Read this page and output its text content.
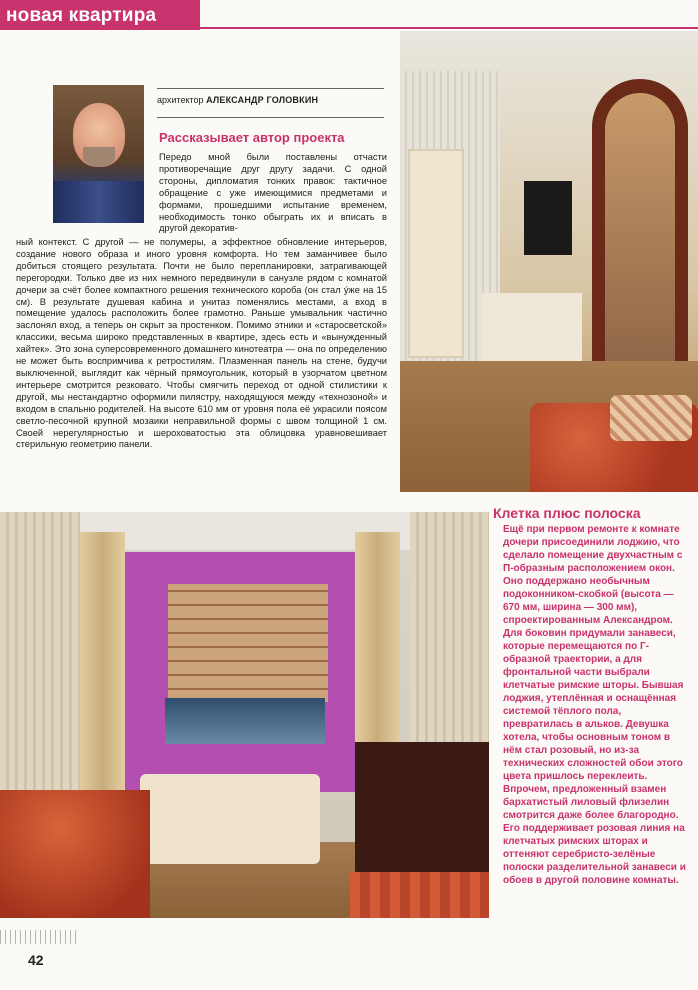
новая квартира
архитектор АЛЕКСАНДР ГОЛОВКИН
Рассказывает автор проекта

Передо мной были поставлены отчасти противоречащие друг другу задачи. С одной стороны, дипломатия тонких правок: тактичное обращение с уже имеющимися предметами и формами, прошедшими испытание временем, необходимость тонко обыграть их и вписать в другой декоратив-

ный контекст. С другой — не полумеры, а эффектное обновление интерьеров, создание нового образа и иного уровня комфорта. Но тем заманчивее было добиться стоящего результата. Почти не было перепланировки, затрагивающей перегородки. Только две из них немного передвинули в санузле рядом с комнатой дочери за счёт более компактного решения технического короба (он стал ýже на 15 см). В результате душевая кабина и унитаз поменялись местами, а вход в помещение удалось расположить более грамотно. Раньше умывальник частично заслонял вход, а теперь он скрыт за простенком. Помимо этники и «старосветской» классики, весьма широко представленных в квартире, здесь есть и «вынужденный хайтек». Это зона суперсовременного домашнего кинотеатра — она по определению не может быть воспримчива к ретростилям. Плазменная панель на стене, будучи выключенной, выглядит как чёрный прямоугольник, который в узорчатом цветном интерьере смотрится резковато. Чтобы смягчить переход от одной стилистики к другой, мы нестандартно оформили пилястру, находящуюся между «технозоной» и входом в спальню родителей. На высоте 610 мм от уровня пола её украсили поясом светло-песочной крупной мозаики неправильной формы с швом толщиной 1 см. Своей нерегулярностью и шероховатостью эта облицовка уравновешивает стерильную геометрию панели.

Клетка плюс полоска

Ещё при первом ремонте к комнате дочери присоединили лоджию, что сделало помещение двухчастным с П-образным расположением окон. Оно поддержано необычным подоконником-скобкой (высота — 670 мм, ширина — 300 мм), спроектированным Александром. Для боковин придумали занавеси, которые перемещаются по Г-образной траектории, а для фронтальной части выбрали клетчатые римские шторы. Бывшая лоджия, утеплённая и оснащённая системой тёплого пола, превратилась в альков. Девушка хотела, чтобы основным тоном в нём стал розовый, но из-за технических сложностей обои этого цвета пришлось переклеить. Впрочем, предложенный взамен бархатистый лиловый флизелин смотрится даже более благородно. Его поддерживает розовая линия на клетчатых римских шторах и оттеняют серебристо-зелёные полоски разделительной занавеси и обоев в другой половине комнаты.

42
